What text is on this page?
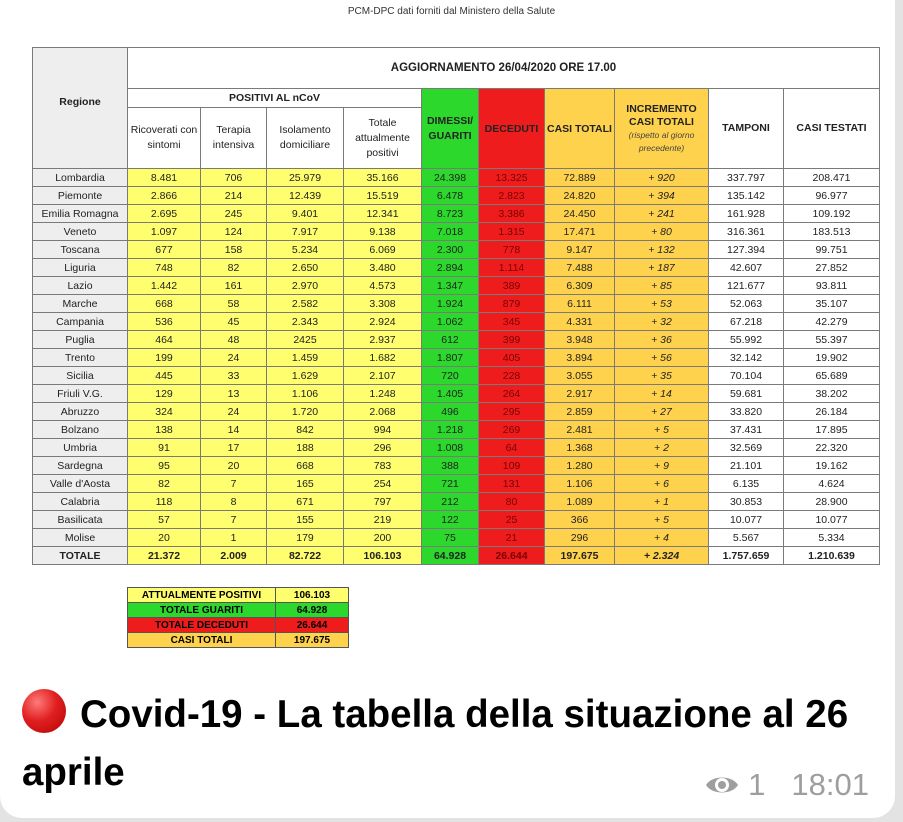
PCM-DPC dati forniti dal Ministero della Salute
Regione	AGGIORNAMENTO 26/04/2020 ORE 17.00									
	POSITIVI AL nCoV				DIMESSI/ GUARITI	DECEDUTI	CASI TOTALI	INCREMENTO CASI TOTALI
(rispetto al giorno precedente)	TAMPONI	CASI TESTATI
	Ricoverati con sintomi	Terapia intensiva	Isolamento domiciliare	Totale attualmente positivi						
Lombardia	8.481	706	25.979	35.166	24.398	13.325	72.889	+ 920	337.797	208.471
Piemonte	2.866	214	12.439	15.519	6.478	2.823	24.820	+ 394	135.142	96.977
Emilia Romagna	2.695	245	9.401	12.341	8.723	3.386	24.450	+ 241	161.928	109.192
Veneto	1.097	124	7.917	9.138	7.018	1.315	17.471	+ 80	316.361	183.513
Toscana	677	158	5.234	6.069	2.300	778	9.147	+ 132	127.394	99.751
Liguria	748	82	2.650	3.480	2.894	1.114	7.488	+ 187	42.607	27.852
Lazio	1.442	161	2.970	4.573	1.347	389	6.309	+ 85	121.677	93.811
Marche	668	58	2.582	3.308	1.924	879	6.111	+ 53	52.063	35.107
Campania	536	45	2.343	2.924	1.062	345	4.331	+ 32	67.218	42.279
Puglia	464	48	2425	2.937	612	399	3.948	+ 36	55.992	55.397
Trento	199	24	1.459	1.682	1.807	405	3.894	+ 56	32.142	19.902
Sicilia	445	33	1.629	2.107	720	228	3.055	+ 35	70.104	65.689
Friuli V.G.	129	13	1.106	1.248	1.405	264	2.917	+ 14	59.681	38.202
Abruzzo	324	24	1.720	2.068	496	295	2.859	+ 27	33.820	26.184
Bolzano	138	14	842	994	1.218	269	2.481	+ 5	37.431	17.895
Umbria	91	17	188	296	1.008	64	1.368	+ 2	32.569	22.320
Sardegna	95	20	668	783	388	109	1.280	+ 9	21.101	19.162
Valle d'Aosta	82	7	165	254	721	131	1.106	+ 6	6.135	4.624
Calabria	118	8	671	797	212	80	1.089	+ 1	30.853	28.900
Basilicata	57	7	155	219	122	25	366	+ 5	10.077	10.077
Molise	20	1	179	200	75	21	296	+ 4	5.567	5.334
TOTALE	21.372	2.009	82.722	106.103	64.928	26.644	197.675	+ 2.324	1.757.659	1.210.639
ATTUALMENTE POSITIVI	106.103
TOTALE GUARITI	64.928
TOTALE DECEDUTI	26.644
CASI TOTALI	197.675
Covid-19 - La tabella della situazione al 26 aprile	1 18:01
